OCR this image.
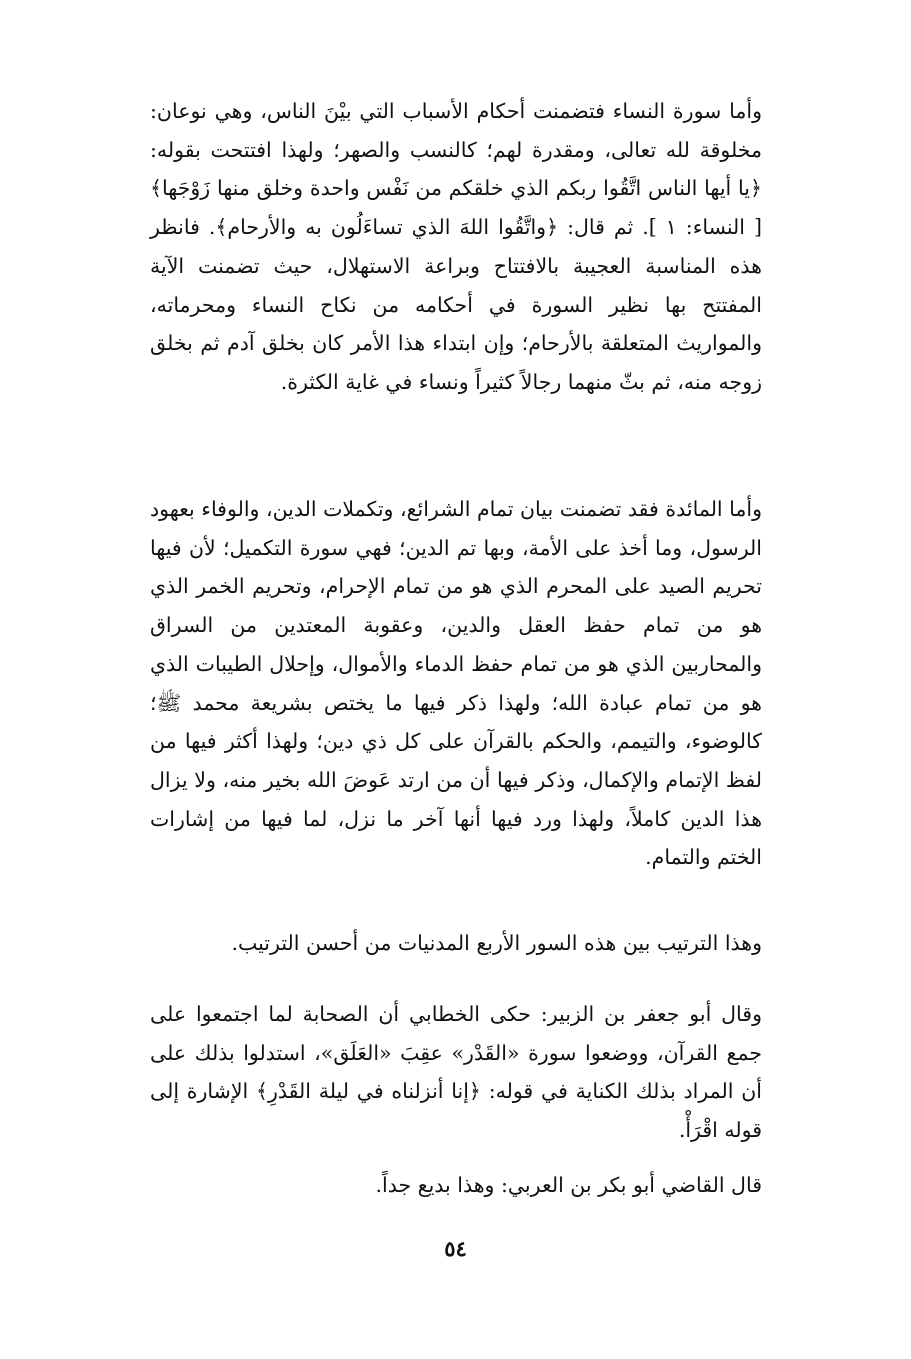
وأما سورة النساء فتضمنت أحكام الأسباب التي بيْنَ الناس، وهي نوعان: مخلوقة لله تعالى، ومقدرة لهم؛ كالنسب والصهر؛ ولهذا افتتحت بقوله: ﴿يا أيها الناس اتَّقُوا ربكم الذي خلقكم من نَفْس واحدة وخلق منها زَوْجَها﴾ [ النساء: ١ ]. ثم قال: ﴿واتَّقُوا اللهَ الذي تساءَلُون به والأرحام﴾. فانظر هذه المناسبة العجيبة بالافتتاح وبراعة الاستهلال، حيث تضمنت الآية المفتتح بها نظير السورة في أحكامه من نكاح النساء ومحرماته، والمواريث المتعلقة بالأرحام؛ وإن ابتداء هذا الأمر كان بخلق آدم ثم بخلق زوجه منه، ثم بثّ منهما رجالاً كثيراً ونساء في غاية الكثرة.

وأما المائدة فقد تضمنت بيان تمام الشرائع، وتكملات الدين، والوفاء بعهود الرسول، وما أخذ على الأمة، وبها تم الدين؛ فهي سورة التكميل؛ لأن فيها تحريم الصيد على المحرم الذي هو من تمام الإحرام، وتحريم الخمر الذي هو من تمام حفظ العقل والدين، وعقوبة المعتدين من السراق والمحاربين الذي هو من تمام حفظ الدماء والأموال، وإحلال الطيبات الذي هو من تمام عبادة الله؛ ولهذا ذكر فيها ما يختص بشريعة محمد ﷺ؛ كالوضوء، والتيمم، والحكم بالقرآن على كل ذي دين؛ ولهذا أكثر فيها من لفظ الإتمام والإكمال، وذكر فيها أن من ارتد عَوضَ الله بخير منه، ولا يزال هذا الدين كاملاً، ولهذا ورد فيها أنها آخر ما نزل، لما فيها من إشارات الختم والتمام.

وهذا الترتيب بين هذه السور الأربع المدنيات من أحسن الترتيب.

وقال أبو جعفر بن الزبير: حكى الخطابي أن الصحابة لما اجتمعوا على جمع القرآن، ووضعوا سورة «القَدْر» عقِبَ «العَلَق»، استدلوا بذلك على أن المراد بذلك الكناية في قوله: ﴿إنا أنزلناه في ليلة القَدْرِ﴾ الإشارة إلى قوله اقْرَأْ.

قال القاضي أبو بكر بن العربي: وهذا بديع جداً.

٥٤
